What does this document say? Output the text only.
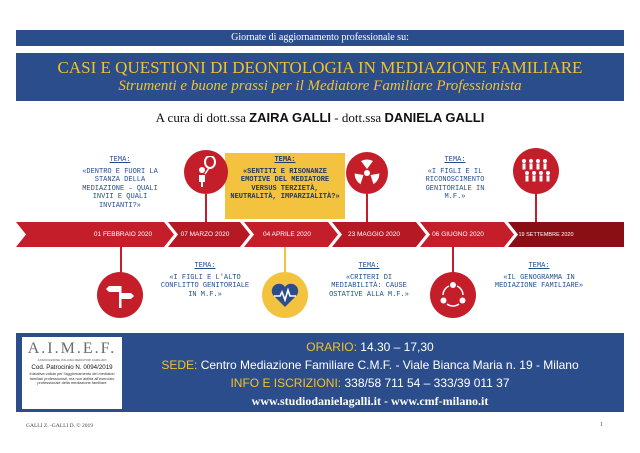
Giornate di aggiornamento professionale su:
CASI E QUESTIONI DI DEONTOLOGIA IN MEDIAZIONE FAMILIARE
Strumenti e buone prassi per il Mediatore Familiare Professionista
A cura di dott.ssa ZAIRA GALLI - dott.ssa DANIELA GALLI
TEMA:
«DENTRO E FUORI LA STANZA DELLA MEDIAZIONE – QUALI INVII E QUALI INVIANTI?»
TEMA:
«SENTITI E RISONANZE EMOTIVE DEL MEDIATORE VERSUS TERZIETÀ, NEUTRALITÀ, IMPARZIALITÀ?»
TEMA:
«I FIGLI E IL RICONOSCIMENTO GENITORIALE IN M.F.»
01 FEBBRAIO 2020	07 MARZO 2020	04 APRILE 2020	23 MAGGIO 2020	06 GIUGNO 2020	19 SETTEMBRE 2020
TEMA:
«I FIGLI E L'ALTO CONFLITTO GENITORIALE IN M.F.»
TEMA:
«CRITERI DI MEDIABILITÀ: CAUSE OSTATIVE ALLA M.F.»
TEMA:
«IL GENOGRAMMA IN MEDIAZIONE FAMILIARE»
A.I.M.E.F.
ASSOCIAZIONE ITALIANA MEDIATORI FAMILIARI
Cod. Patrocinio N. 0094/2019
Iniziativa valida per l'aggiornamento dei mediatori familiari professionisti, ma non abilita all'esercizio professionale della mediazione familiare
ORARIO: 14.30 – 17,30
SEDE: Centro Mediazione Familiare C.M.F. - Viale Bianca Maria n. 19 - Milano
INFO E ISCRIZIONI: 338/58 711 54 – 333/39 011 37
www.studiodanielagalli.it - www.cmf-milano.it
GALLI Z. -GALLI D. © 2019	1
